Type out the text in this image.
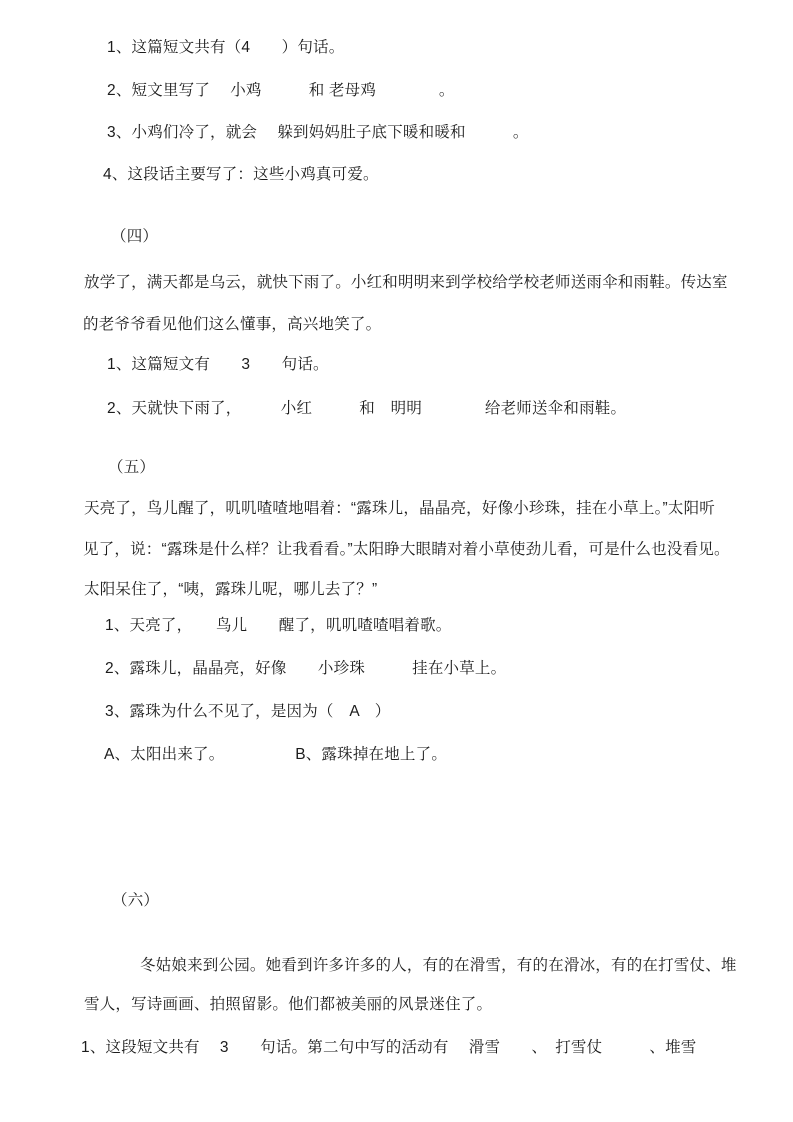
1、这篇短文共有（4　　）句话。
2、短文里写了　 小鸡　　　和 老母鸡　　　　。
3、小鸡们冷了，就会　 躲到妈妈肚子底下暖和暖和　　　。
4、这段话主要写了：这些小鸡真可爱。
（四）
放学了，满天都是乌云，就快下雨了。小红和明明来到学校给学校老师送雨伞和雨鞋。传达室
的老爷爷看见他们这么懂事，高兴地笑了。
1、这篇短文有　　3　　句话。
2、天就快下雨了，　　　小红　　　和　明明　　　　给老师送伞和雨鞋。
（五）
天亮了，鸟儿醒了，叽叽喳喳地唱着：“露珠儿，晶晶亮，好像小珍珠，挂在小草上。”太阳听
见了，说：“露珠是什么样？让我看看。”太阳睁大眼睛对着小草使劲儿看，可是什么也没看见。
太阳呆住了，“咦，露珠儿呢，哪儿去了？”
1、天亮了，　　鸟儿　　醒了，叽叽喳喳唱着歌。
2、露珠儿，晶晶亮，好像　　小珍珠　　　挂在小草上。
3、露珠为什么不见了，是因为（　A　）
A、太阳出来了。　　　　　B、露珠掉在地上了。
（六）
冬姑娘来到公园。她看到许多许多的人，有的在滑雪，有的在滑冰，有的在打雪仗、堆
雪人，写诗画画、拍照留影。他们都被美丽的风景迷住了。
1、这段短文共有　 3　　句话。第二句中写的活动有　 滑雪　　、　打雪仗　　　、堆雪
